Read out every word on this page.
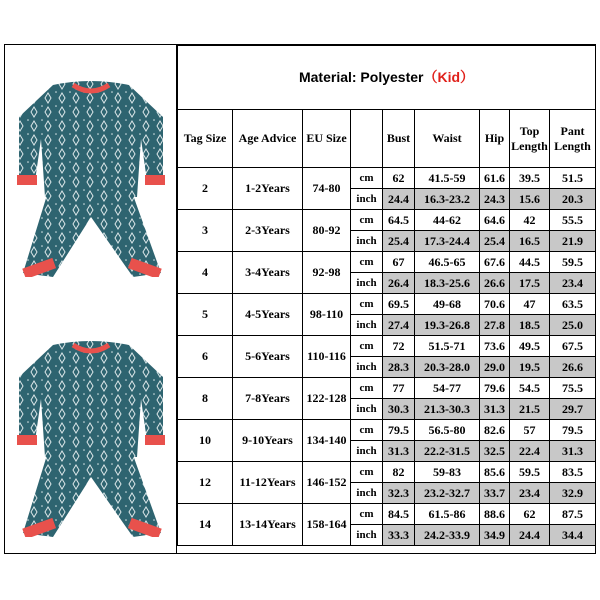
Material: Polyester（Kid）								
Tag Size	Age Advice	EU Size		Bust	Waist	Hip	Top Length	Pant Length
2	1-2Years	74-80	cm	62	41.5-59	61.6	39.5	51.5
			inch	24.4	16.3-23.2	24.3	15.6	20.3
3	2-3Years	80-92	cm	64.5	44-62	64.6	42	55.5
			inch	25.4	17.3-24.4	25.4	16.5	21.9
4	3-4Years	92-98	cm	67	46.5-65	67.6	44.5	59.5
			inch	26.4	18.3-25.6	26.6	17.5	23.4
5	4-5Years	98-110	cm	69.5	49-68	70.6	47	63.5
			inch	27.4	19.3-26.8	27.8	18.5	25.0
6	5-6Years	110-116	cm	72	51.5-71	73.6	49.5	67.5
			inch	28.3	20.3-28.0	29.0	19.5	26.6
8	7-8Years	122-128	cm	77	54-77	79.6	54.5	75.5
			inch	30.3	21.3-30.3	31.3	21.5	29.7
10	9-10Years	134-140	cm	79.5	56.5-80	82.6	57	79.5
			inch	31.3	22.2-31.5	32.5	22.4	31.3
12	11-12Years	146-152	cm	82	59-83	85.6	59.5	83.5
			inch	32.3	23.2-32.7	33.7	23.4	32.9
14	13-14Years	158-164	cm	84.5	61.5-86	88.6	62	87.5
			inch	33.3	24.2-33.9	34.9	24.4	34.4
